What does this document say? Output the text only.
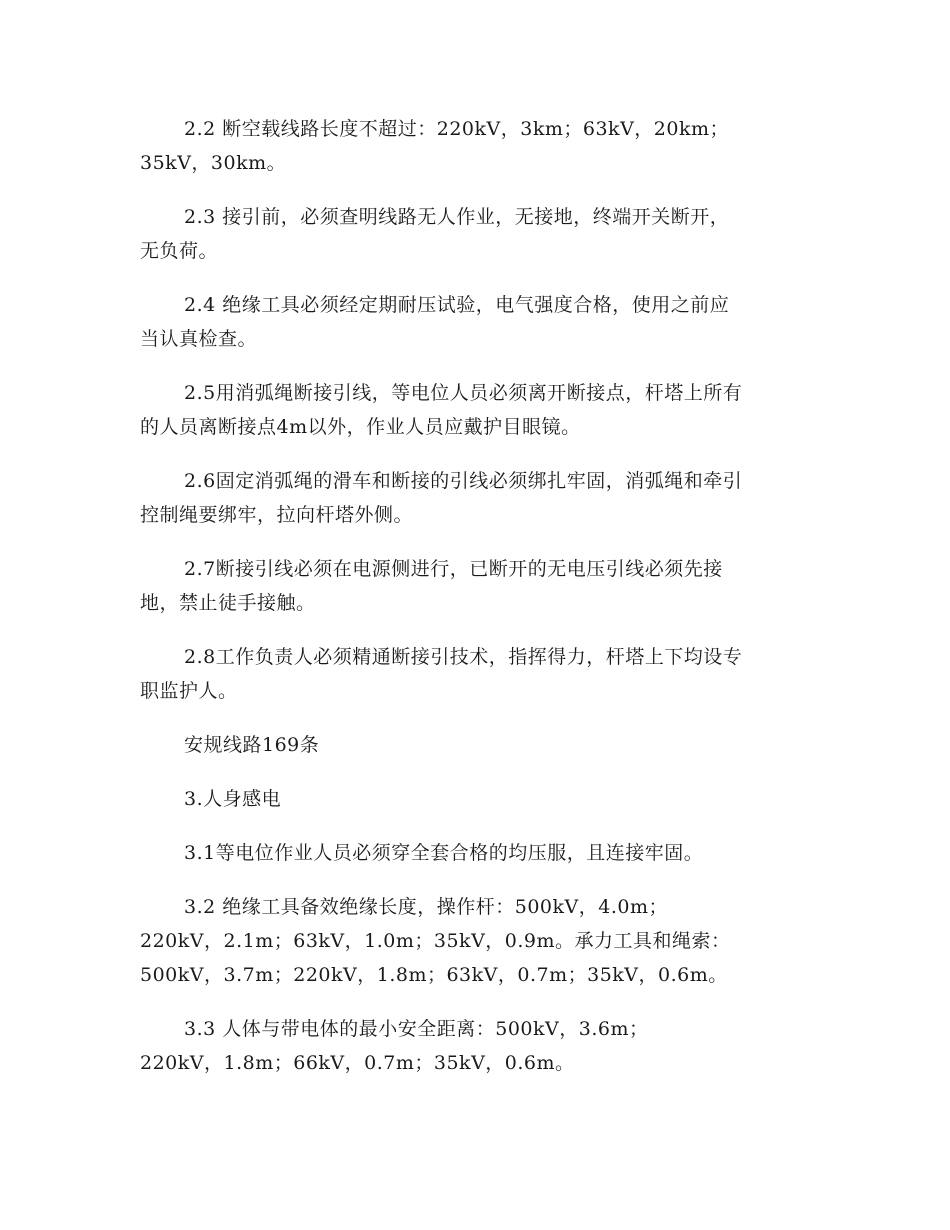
2.2 断空载线路长度不超过：220kV，3km；63kV，20km；
35kV，30km。

2.3 接引前，必须查明线路无人作业，无接地，终端开关断开，
无负荷。

2.4 绝缘工具必须经定期耐压试验，电气强度合格，使用之前应
当认真检查。

2.5用消弧绳断接引线，等电位人员必须离开断接点，杆塔上所有
的人员离断接点4m以外，作业人员应戴护目眼镜。

2.6固定消弧绳的滑车和断接的引线必须绑扎牢固，消弧绳和牵引
控制绳要绑牢，拉向杆塔外侧。

2.7断接引线必须在电源侧进行，已断开的无电压引线必须先接
地，禁止徒手接触。

2.8工作负责人必须精通断接引技术，指挥得力，杆塔上下均设专
职监护人。

安规线路169条

3.人身感电

3.1等电位作业人员必须穿全套合格的均压服，且连接牢固。

3.2 绝缘工具备效绝缘长度，操作杆：500kV，4.0m；
220kV，2.1m；63kV，1.0m；35kV，0.9m。承力工具和绳索：
500kV，3.7m；220kV，1.8m；63kV，0.7m；35kV，0.6m。

3.3 人体与带电体的最小安全距离：500kV，3.6m；
220kV，1.8m；66kV，0.7m；35kV，0.6m。
